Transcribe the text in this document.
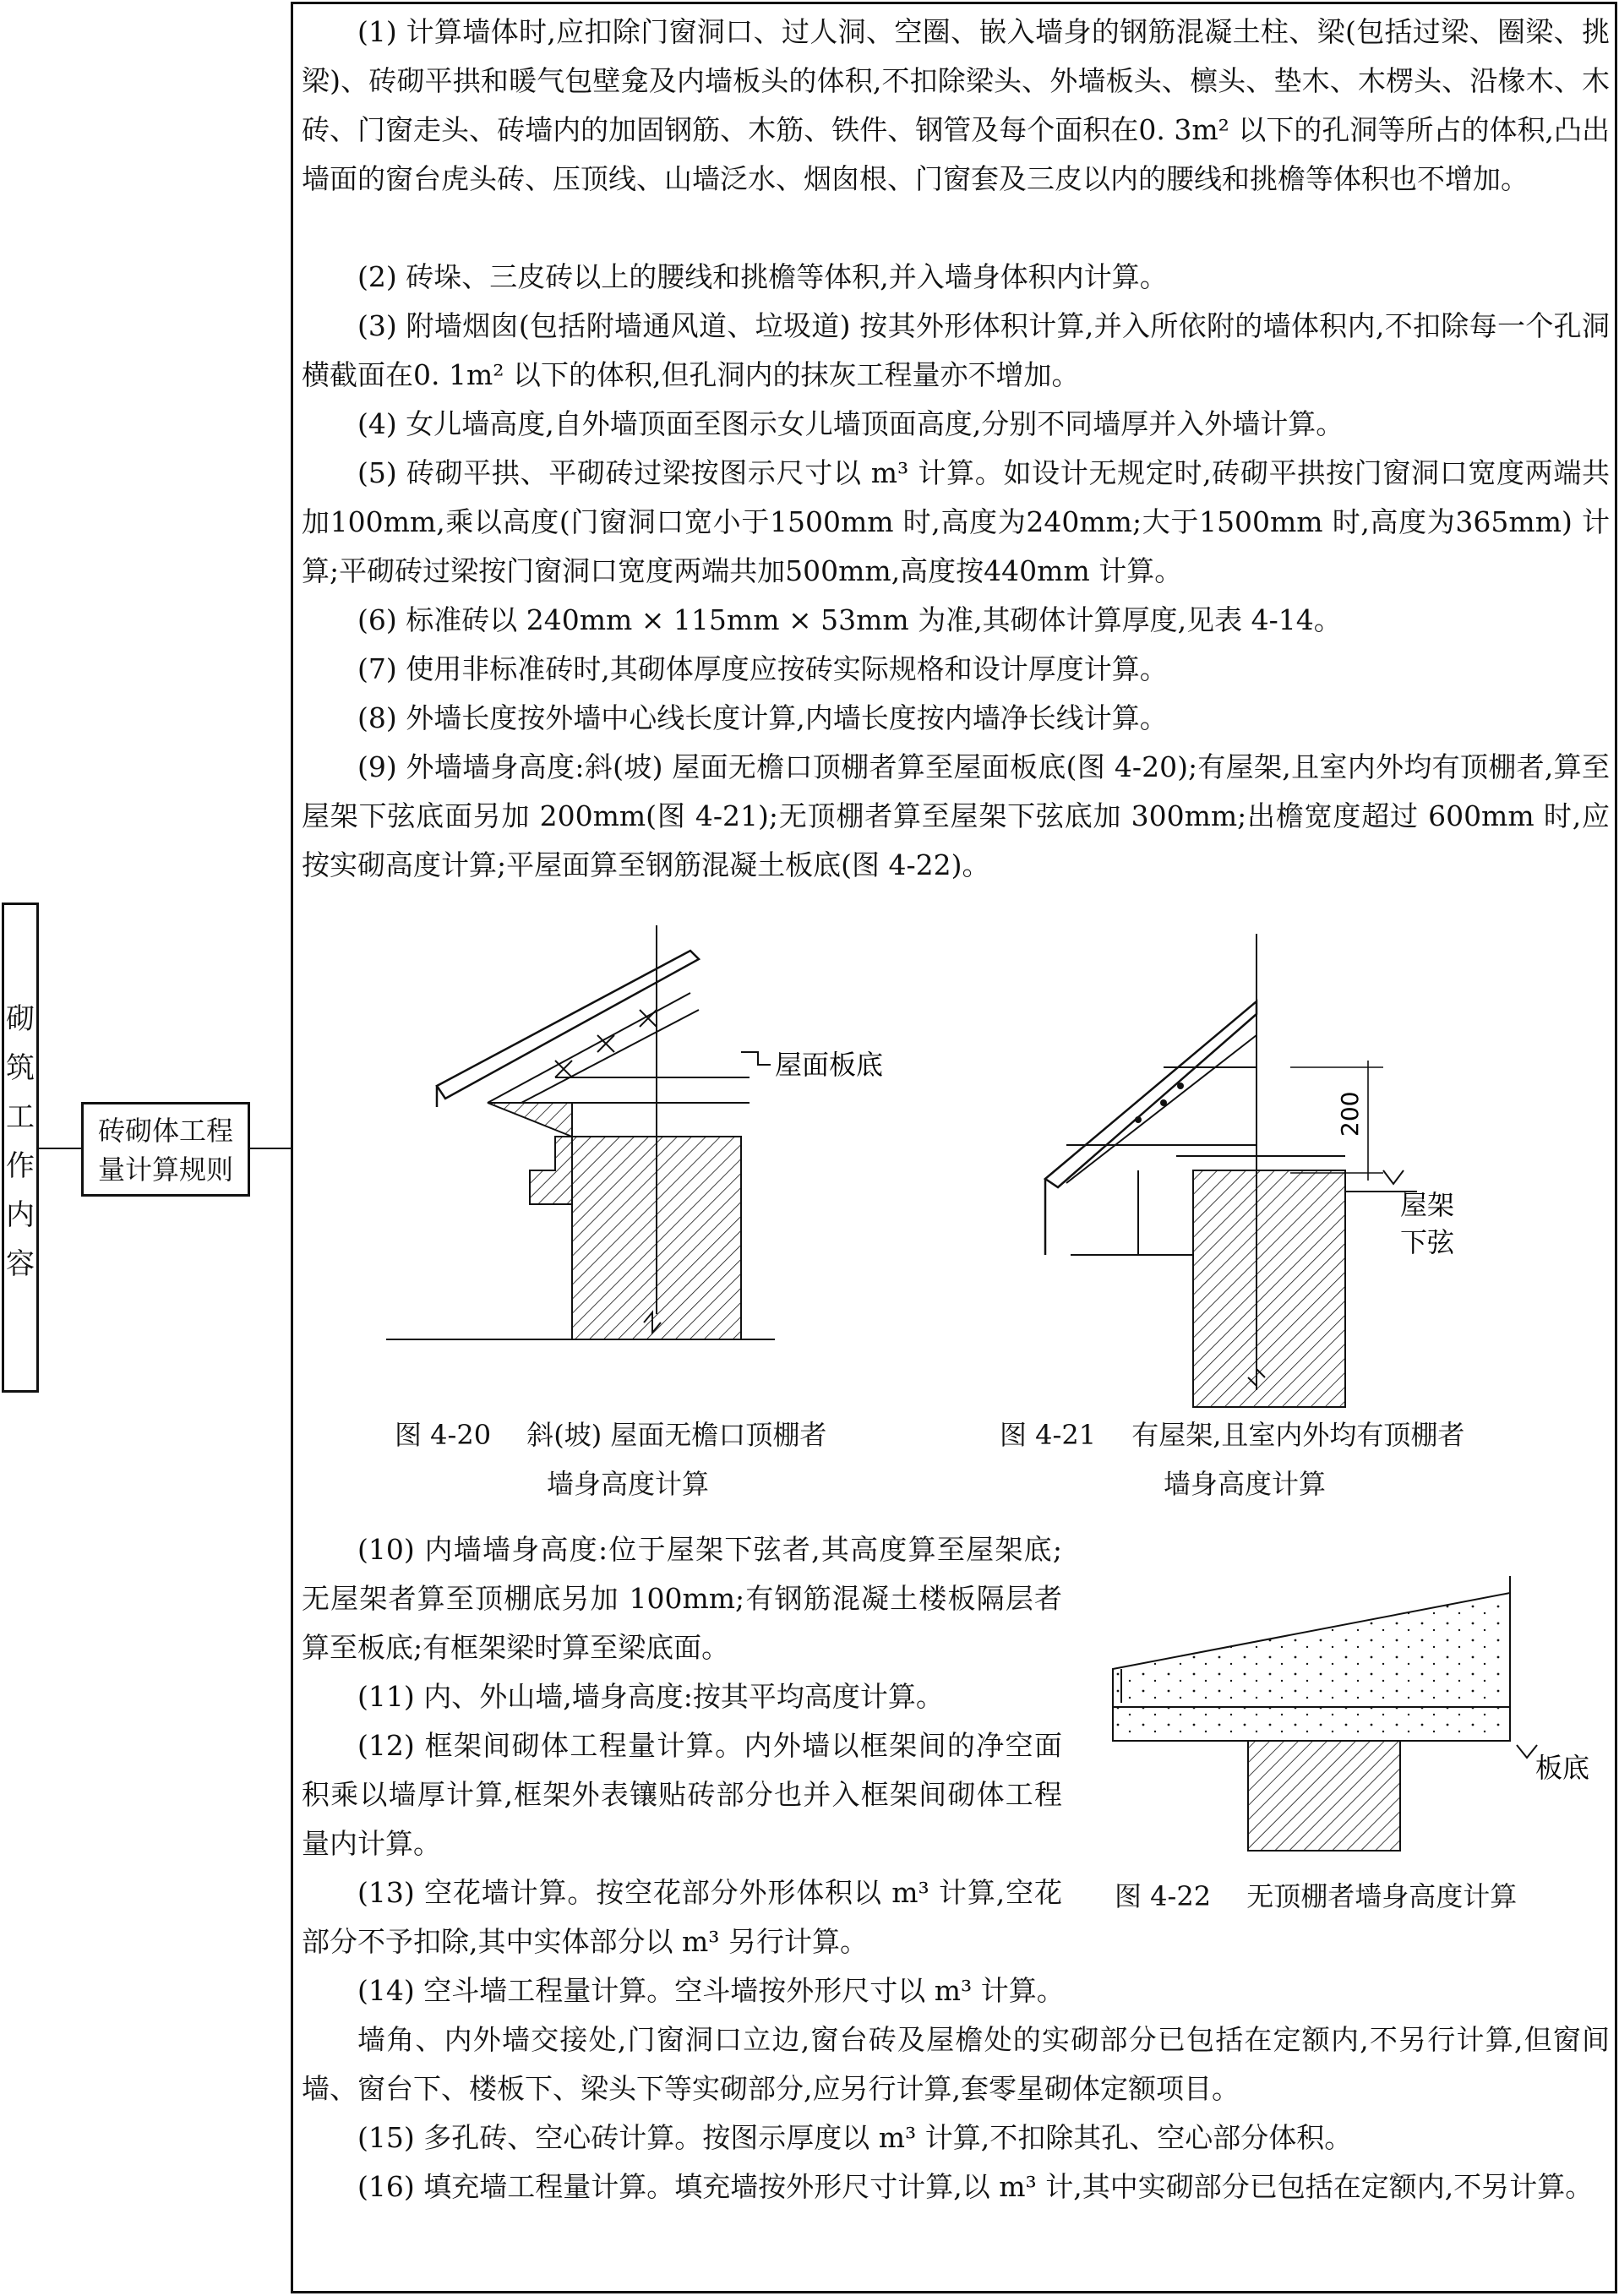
砌
筑
工
作
内
容
砖砌体工程
量计算规则

(1) 计算墙体时,应扣除门窗洞口、过人洞、空圈、嵌入墙身的钢筋混凝土柱、梁(包括过梁、圈梁、挑梁)、砖砌平拱和暖气包壁龛及内墙板头的体积,不扣除梁头、外墙板头、檩头、垫木、木楞头、沿椽木、木砖、门窗走头、砖墙内的加固钢筋、木筋、铁件、钢管及每个面积在0. 3m² 以下的孔洞等所占的体积,凸出墙面的窗台虎头砖、压顶线、山墙泛水、烟囱根、门窗套及三皮以内的腰线和挑檐等体积也不增加。

(2) 砖垛、三皮砖以上的腰线和挑檐等体积,并入墙身体积内计算。

(3) 附墙烟囱(包括附墙通风道、垃圾道) 按其外形体积计算,并入所依附的墙体积内,不扣除每一个孔洞横截面在0. 1m² 以下的体积,但孔洞内的抹灰工程量亦不增加。

(4) 女儿墙高度,自外墙顶面至图示女儿墙顶面高度,分别不同墙厚并入外墙计算。

(5) 砖砌平拱、平砌砖过梁按图示尺寸以 m³ 计算。如设计无规定时,砖砌平拱按门窗洞口宽度两端共加100mm,乘以高度(门窗洞口宽小于1500mm 时,高度为240mm;大于1500mm 时,高度为365mm) 计算;平砌砖过梁按门窗洞口宽度两端共加500mm,高度按440mm 计算。

(6) 标准砖以 240mm × 115mm × 53mm 为准,其砌体计算厚度,见表 4-14。

(7) 使用非标准砖时,其砌体厚度应按砖实际规格和设计厚度计算。

(8) 外墙长度按外墙中心线长度计算,内墙长度按内墙净长线计算。

(9) 外墙墙身高度:斜(坡) 屋面无檐口顶棚者算至屋面板底(图 4-20);有屋架,且室内外均有顶棚者,算至屋架下弦底面另加 200mm(图 4-21);无顶棚者算至屋架下弦底加 300mm;出檐宽度超过 600mm 时,应按实砌高度计算;平屋面算至钢筋混凝土板底(图 4-22)。

屋面板底
图 4-20　 斜(坡) 屋面无檐口顶棚者
墙身高度计算
200
屋架
下弦
图 4-21　 有屋架,且室内外均有顶棚者
墙身高度计算

(10) 内墙墙身高度:位于屋架下弦者,其高度算至屋架底;无屋架者算至顶棚底另加 100mm;有钢筋混凝土楼板隔层者算至板底;有框架梁时算至梁底面。

(11) 内、外山墙,墙身高度:按其平均高度计算。

(12) 框架间砌体工程量计算。内外墙以框架间的净空面积乘以墙厚计算,框架外表镶贴砖部分也并入框架间砌体工程量内计算。

(13) 空花墙计算。按空花部分外形体积以 m³ 计算,空花部分不予扣除,其中实体部分以 m³ 另行计算。

板底
图 4-22　 无顶棚者墙身高度计算

(14) 空斗墙工程量计算。空斗墙按外形尺寸以 m³ 计算。

墙角、内外墙交接处,门窗洞口立边,窗台砖及屋檐处的实砌部分已包括在定额内,不另行计算,但窗间墙、窗台下、楼板下、梁头下等实砌部分,应另行计算,套零星砌体定额项目。

(15) 多孔砖、空心砖计算。按图示厚度以 m³ 计算,不扣除其孔、空心部分体积。

(16) 填充墙工程量计算。填充墙按外形尺寸计算,以 m³ 计,其中实砌部分已包括在定额内,不另计算。
